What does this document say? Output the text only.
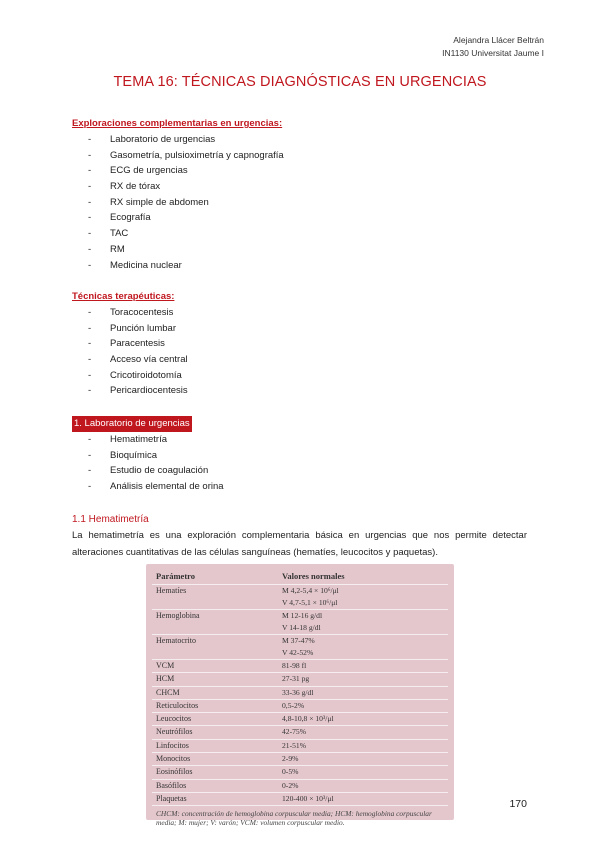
Alejandra Llácer Beltrán
IN1130 Universitat Jaume I
TEMA 16: TÉCNICAS DIAGNÓSTICAS EN URGENCIAS
Exploraciones complementarias en urgencias:
- Laboratorio de urgencias
- Gasometría, pulsioximetría y capnografía
- ECG de urgencias
- RX de tórax
- RX simple de abdomen
- Ecografía
- TAC
- RM
- Medicina nuclear
Técnicas terapéuticas:
- Toracocentesis
- Punción lumbar
- Paracentesis
- Acceso vía central
- Cricotiroidotomía
- Pericardiocentesis
1. Laboratorio de urgencias
- Hematimetría
- Bioquímica
- Estudio de coagulación
- Análisis elemental de orina
1.1 Hematimetría
La hematimetría es una exploración complementaria básica en urgencias que nos permite detectar alteraciones cuantitativas de las células sanguíneas (hematíes, leucocitos y paquetas).
Parámetro	Valores normales
Hematíes	M 4,2-5,4 × 10⁶/μl
V 4,7-5,1 × 10⁶/μl

Hemoglobina	M 12-16 g/dl
V 14-18 g/dl

Hematocrito	M 37-47%
V 42-52%

VCM	81-98 fl

HCM	27-31 pg

CHCM	33-36 g/dl

Reticulocitos	0,5-2%

Leucocitos	4,8-10,8 × 10³/μl

Neutrófilos	42-75%

Linfocitos	21-51%

Monocitos	2-9%

Eosinófilos	0-5%

Basófilos	0-2%

Plaquetas	120-400 × 10³/μl
CHCM: concentración de hemoglobina corpuscular media; HCM: hemoglobina corpuscular media; M: mujer; V: varón; VCM: volumen corpuscular medio.
170
